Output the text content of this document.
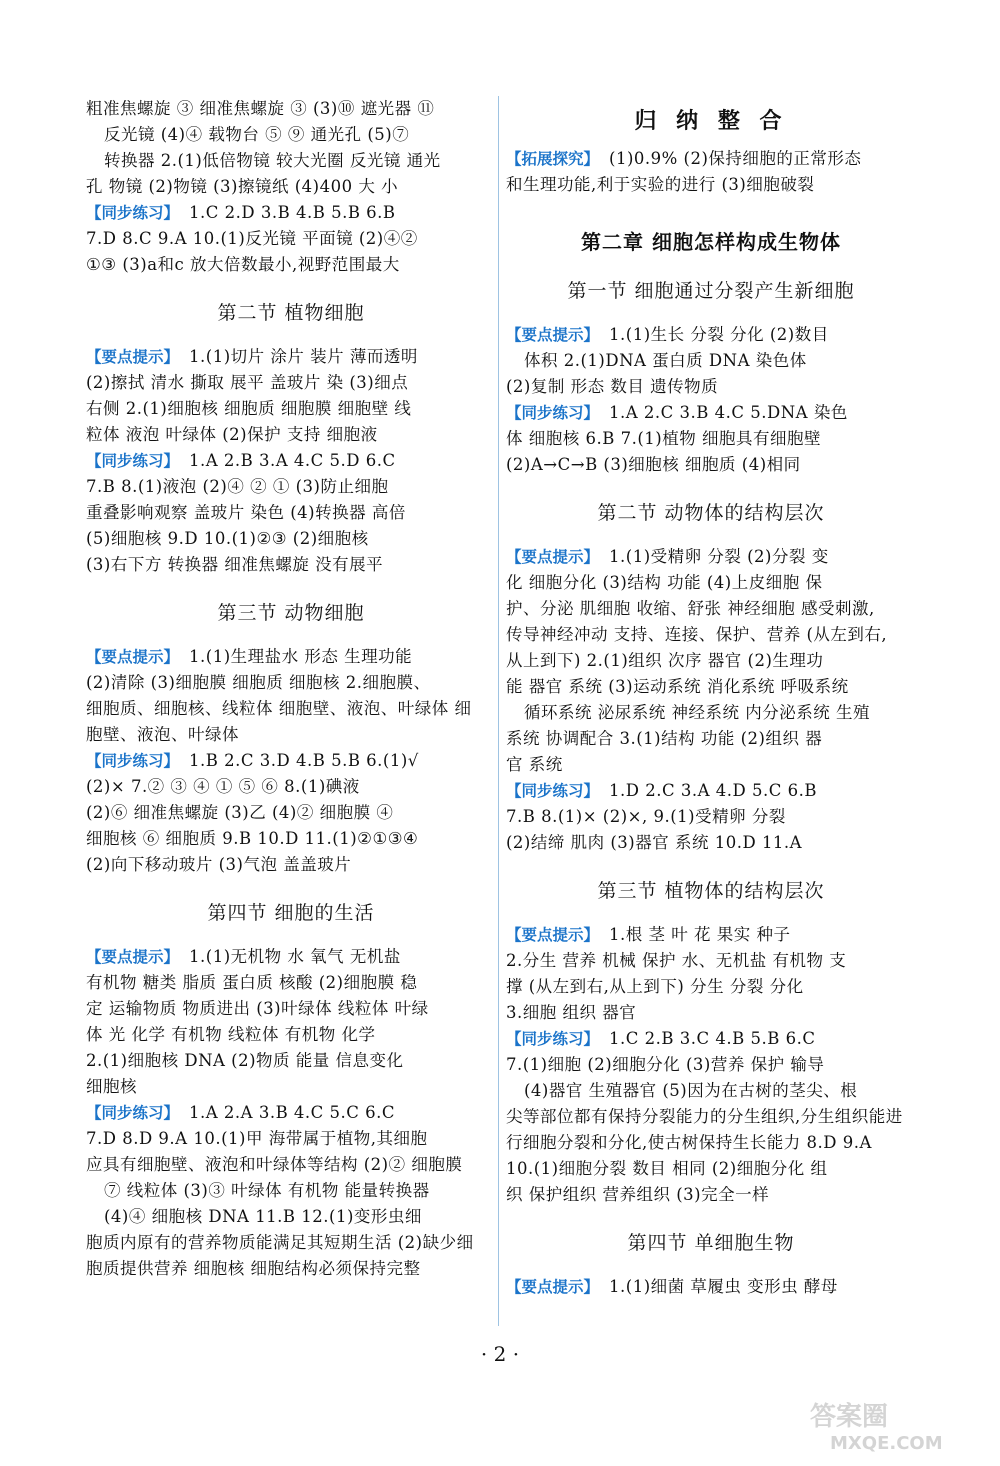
粗准焦螺旋 ③ 细准焦螺旋 ③ (3)⑩ 遮光器 ⑪
反光镜 (4)④ 载物台 ⑤ ⑨ 通光孔 (5)⑦
转换器 2.(1)低倍物镜 较大光圈 反光镜 通光
孔 物镜 (2)物镜 (3)擦镜纸 (4)400 大 小
【同步练习】 1.C 2.D 3.B 4.B 5.B 6.B
7.D 8.C 9.A 10.(1)反光镜 平面镜 (2)④②
①③ (3)a和c 放大倍数最小,视野范围最大
第二节 植物细胞
【要点提示】 1.(1)切片 涂片 装片 薄而透明
(2)擦拭 清水 撕取 展平 盖玻片 染 (3)细点
右侧 2.(1)细胞核 细胞质 细胞膜 细胞壁 线
粒体 液泡 叶绿体 (2)保护 支持 细胞液
【同步练习】 1.A 2.B 3.A 4.C 5.D 6.C
7.B 8.(1)液泡 (2)④ ② ① (3)防止细胞
重叠影响观察 盖玻片 染色 (4)转换器 高倍
(5)细胞核 9.D 10.(1)②③ (2)细胞核
(3)右下方 转换器 细准焦螺旋 没有展平
第三节 动物细胞
【要点提示】 1.(1)生理盐水 形态 生理功能
(2)清除 (3)细胞膜 细胞质 细胞核 2.细胞膜、
细胞质、细胞核、线粒体 细胞壁、液泡、叶绿体 细
胞壁、液泡、叶绿体
【同步练习】 1.B 2.C 3.D 4.B 5.B 6.(1)√
(2)× 7.② ③ ④ ① ⑤ ⑥ 8.(1)碘液
(2)⑥ 细准焦螺旋 (3)乙 (4)② 细胞膜 ④
细胞核 ⑥ 细胞质 9.B 10.D 11.(1)②①③④
(2)向下移动玻片 (3)气泡 盖盖玻片
第四节 细胞的生活
【要点提示】 1.(1)无机物 水 氧气 无机盐
有机物 糖类 脂质 蛋白质 核酸 (2)细胞膜 稳
定 运输物质 物质进出 (3)叶绿体 线粒体 叶绿
体 光 化学 有机物 线粒体 有机物 化学
2.(1)细胞核 DNA (2)物质 能量 信息变化
细胞核
【同步练习】 1.A 2.A 3.B 4.C 5.C 6.C
7.D 8.D 9.A 10.(1)甲 海带属于植物,其细胞
应具有细胞壁、液泡和叶绿体等结构 (2)② 细胞膜
⑦ 线粒体 (3)③ 叶绿体 有机物 能量转换器
(4)④ 细胞核 DNA 11.B 12.(1)变形虫细
胞质内原有的营养物质能满足其短期生活 (2)缺少细
胞质提供营养 细胞核 细胞结构必须保持完整
归 纳 整 合
【拓展探究】 (1)0.9% (2)保持细胞的正常形态
和生理功能,利于实验的进行 (3)细胞破裂
第二章 细胞怎样构成生物体
第一节 细胞通过分裂产生新细胞
【要点提示】 1.(1)生长 分裂 分化 (2)数目
体积 2.(1)DNA 蛋白质 DNA 染色体
(2)复制 形态 数目 遗传物质
【同步练习】 1.A 2.C 3.B 4.C 5.DNA 染色
体 细胞核 6.B 7.(1)植物 细胞具有细胞壁
(2)A→C→B (3)细胞核 细胞质 (4)相同
第二节 动物体的结构层次
【要点提示】 1.(1)受精卵 分裂 (2)分裂 变
化 细胞分化 (3)结构 功能 (4)上皮细胞 保
护、分泌 肌细胞 收缩、舒张 神经细胞 感受刺激,
传导神经冲动 支持、连接、保护、营养 (从左到右,
从上到下) 2.(1)组织 次序 器官 (2)生理功
能 器官 系统 (3)运动系统 消化系统 呼吸系统
循环系统 泌尿系统 神经系统 内分泌系统 生殖
系统 协调配合 3.(1)结构 功能 (2)组织 器
官 系统
【同步练习】 1.D 2.C 3.A 4.D 5.C 6.B
7.B 8.(1)× (2)×, 9.(1)受精卵 分裂
(2)结缔 肌肉 (3)器官 系统 10.D 11.A
第三节 植物体的结构层次
【要点提示】 1.根 茎 叶 花 果实 种子
2.分生 营养 机械 保护 水、无机盐 有机物 支
撑 (从左到右,从上到下) 分生 分裂 分化
3.细胞 组织 器官
【同步练习】 1.C 2.B 3.C 4.B 5.B 6.C
7.(1)细胞 (2)细胞分化 (3)营养 保护 输导
(4)器官 生殖器官 (5)因为在古树的茎尖、根
尖等部位都有保持分裂能力的分生组织,分生组织能进
行细胞分裂和分化,使古树保持生长能力 8.D 9.A
10.(1)细胞分裂 数目 相同 (2)细胞分化 组
织 保护组织 营养组织 (3)完全一样
第四节 单细胞生物
【要点提示】 1.(1)细菌 草履虫 变形虫 酵母
· 2 ·
答案圈
MXQE.COM
